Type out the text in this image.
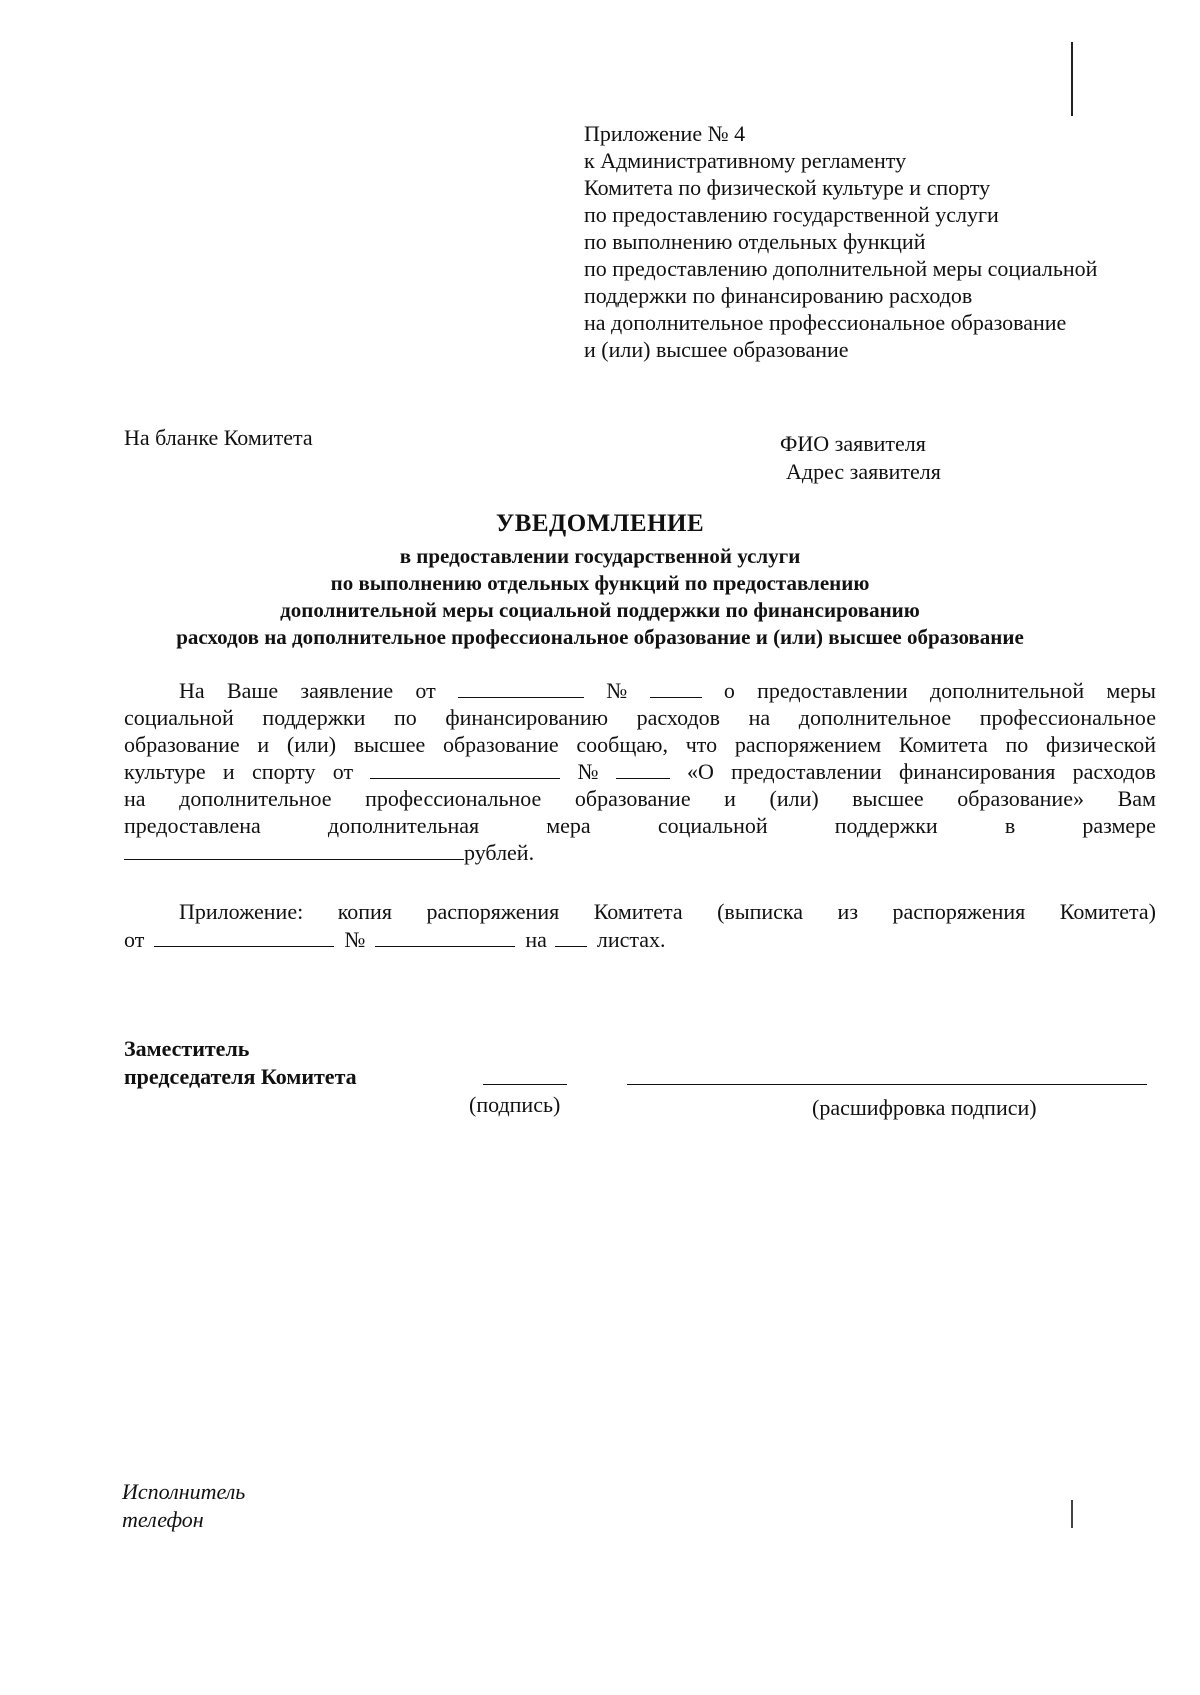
Приложение № 4
к Административному регламенту
Комитета по физической культуре и спорту
по предоставлению государственной услуги
по выполнению отдельных функций
по предоставлению дополнительной меры социальной
поддержки по финансированию расходов
на дополнительное профессиональное образование
и (или) высшее образование
На бланке Комитета	ФИО заявителя
Адрес заявителя
УВЕДОМЛЕНИЕ
в предоставлении государственной услуги
по выполнению отдельных функций по предоставлению
дополнительной меры социальной поддержки по финансированию
расходов на дополнительное профессиональное образование и (или) высшее образование
На Ваше заявление от	№	о предоставлении дополнительной меры
социальной поддержки по финансированию расходов на дополнительное профессиональное
образование и (или) высшее образование сообщаю, что распоряжением Комитета по физической
культуре и спорту от	№	«О предоставлении финансирования расходов
на дополнительное профессиональное образование и (или) высшее образование» Вам
предоставлена	дополнительная	мера	социальной	поддержки	в	размере
рублей.
Приложение: копия распоряжения Комитета (выписка из распоряжения Комитета)
от	№	на листах.
Заместитель
председателя Комитета
(подпись)	(расшифровка подписи)
Исполнитель
телефон
